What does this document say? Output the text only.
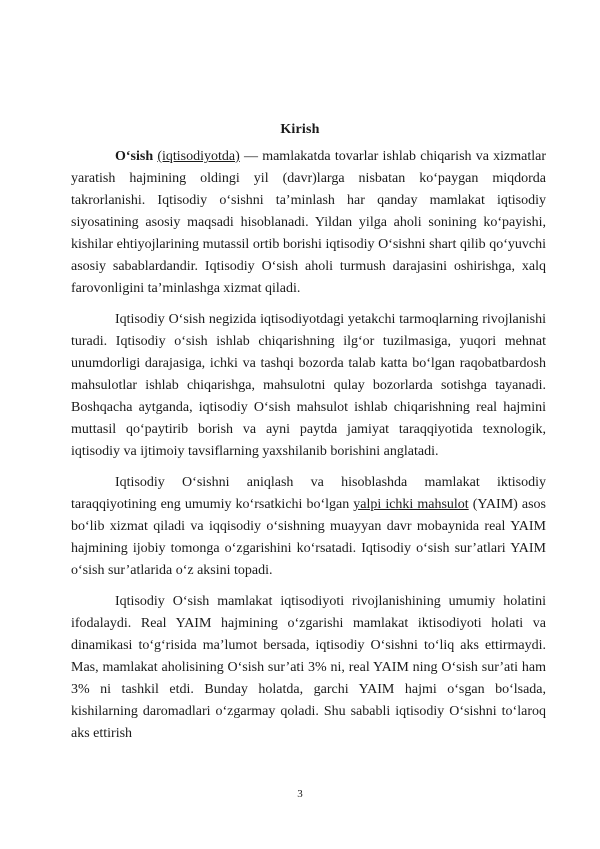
Kirish

O‘sish (iqtisodiyotda) — mamlakatda tovarlar ishlab chiqarish va xizmatlar yaratish hajmining oldingi yil (davr)larga nisbatan ko‘paygan miqdorda takrorlanishi. Iqtisodiy o‘sishni ta’minlash har qanday mamlakat iqtisodiy siyosatining asosiy maqsadi hisoblanadi. Yildan yilga aholi sonining ko‘payishi, kishilar ehtiyojlarining mutassil ortib borishi iqtisodiy O‘sishni shart qilib qo‘yuvchi asosiy sabablardandir. Iqtisodiy O‘sish aholi turmush darajasini oshirishga, xalq farovonligini ta’minlashga xizmat qiladi.

Iqtisodiy O‘sish negizida iqtisodiyotdagi yetakchi tarmoqlarning rivojlanishi turadi. Iqtisodiy o‘sish ishlab chiqarishning ilg‘or tuzilmasiga, yuqori mehnat unumdorligi darajasiga, ichki va tashqi bozorda talab katta bo‘lgan raqobatbardosh mahsulotlar ishlab chiqarishga, mahsulotni qulay bozorlarda sotishga tayanadi. Boshqacha aytganda, iqtisodiy O‘sish mahsulot ishlab chiqarishning real hajmini muttasil qo‘paytirib borish va ayni paytda jamiyat taraqqiyotida texnologik, iqtisodiy va ijtimoiy tavsiflarning yaxshilanib borishini anglatadi.

Iqtisodiy O‘sishni aniqlash va hisoblashda mamlakat iktisodiy taraqqiyotining eng umumiy ko‘rsatkichi bo‘lgan yalpi ichki mahsulot (YAIM) asos bo‘lib xizmat qiladi va iqqisodiy o‘sishning muayyan davr mobaynida real YAIM hajmining ijobiy tomonga o‘zgarishini ko‘rsatadi. Iqtisodiy o‘sish sur’atlari YAIM o‘sish sur’atlarida o‘z aksini topadi.

Iqtisodiy O‘sish mamlakat iqtisodiyoti rivojlanishining umumiy holatini ifodalaydi. Real YAIM hajmining o‘zgarishi mamlakat iktisodiyoti holati va dinamikasi to‘g‘risida ma’lumot bersada, iqtisodiy O‘sishni to‘liq aks ettirmaydi. Mas, mamlakat aholisining O‘sish sur’ati 3% ni, real YAIM ning O‘sish sur’ati ham 3% ni tashkil etdi. Bunday holatda, garchi YAIM hajmi o‘sgan bo‘lsada, kishilarning daromadlari o‘zgarmay qoladi. Shu sababli iqtisodiy O‘sishni to‘laroq aks ettirish

3
